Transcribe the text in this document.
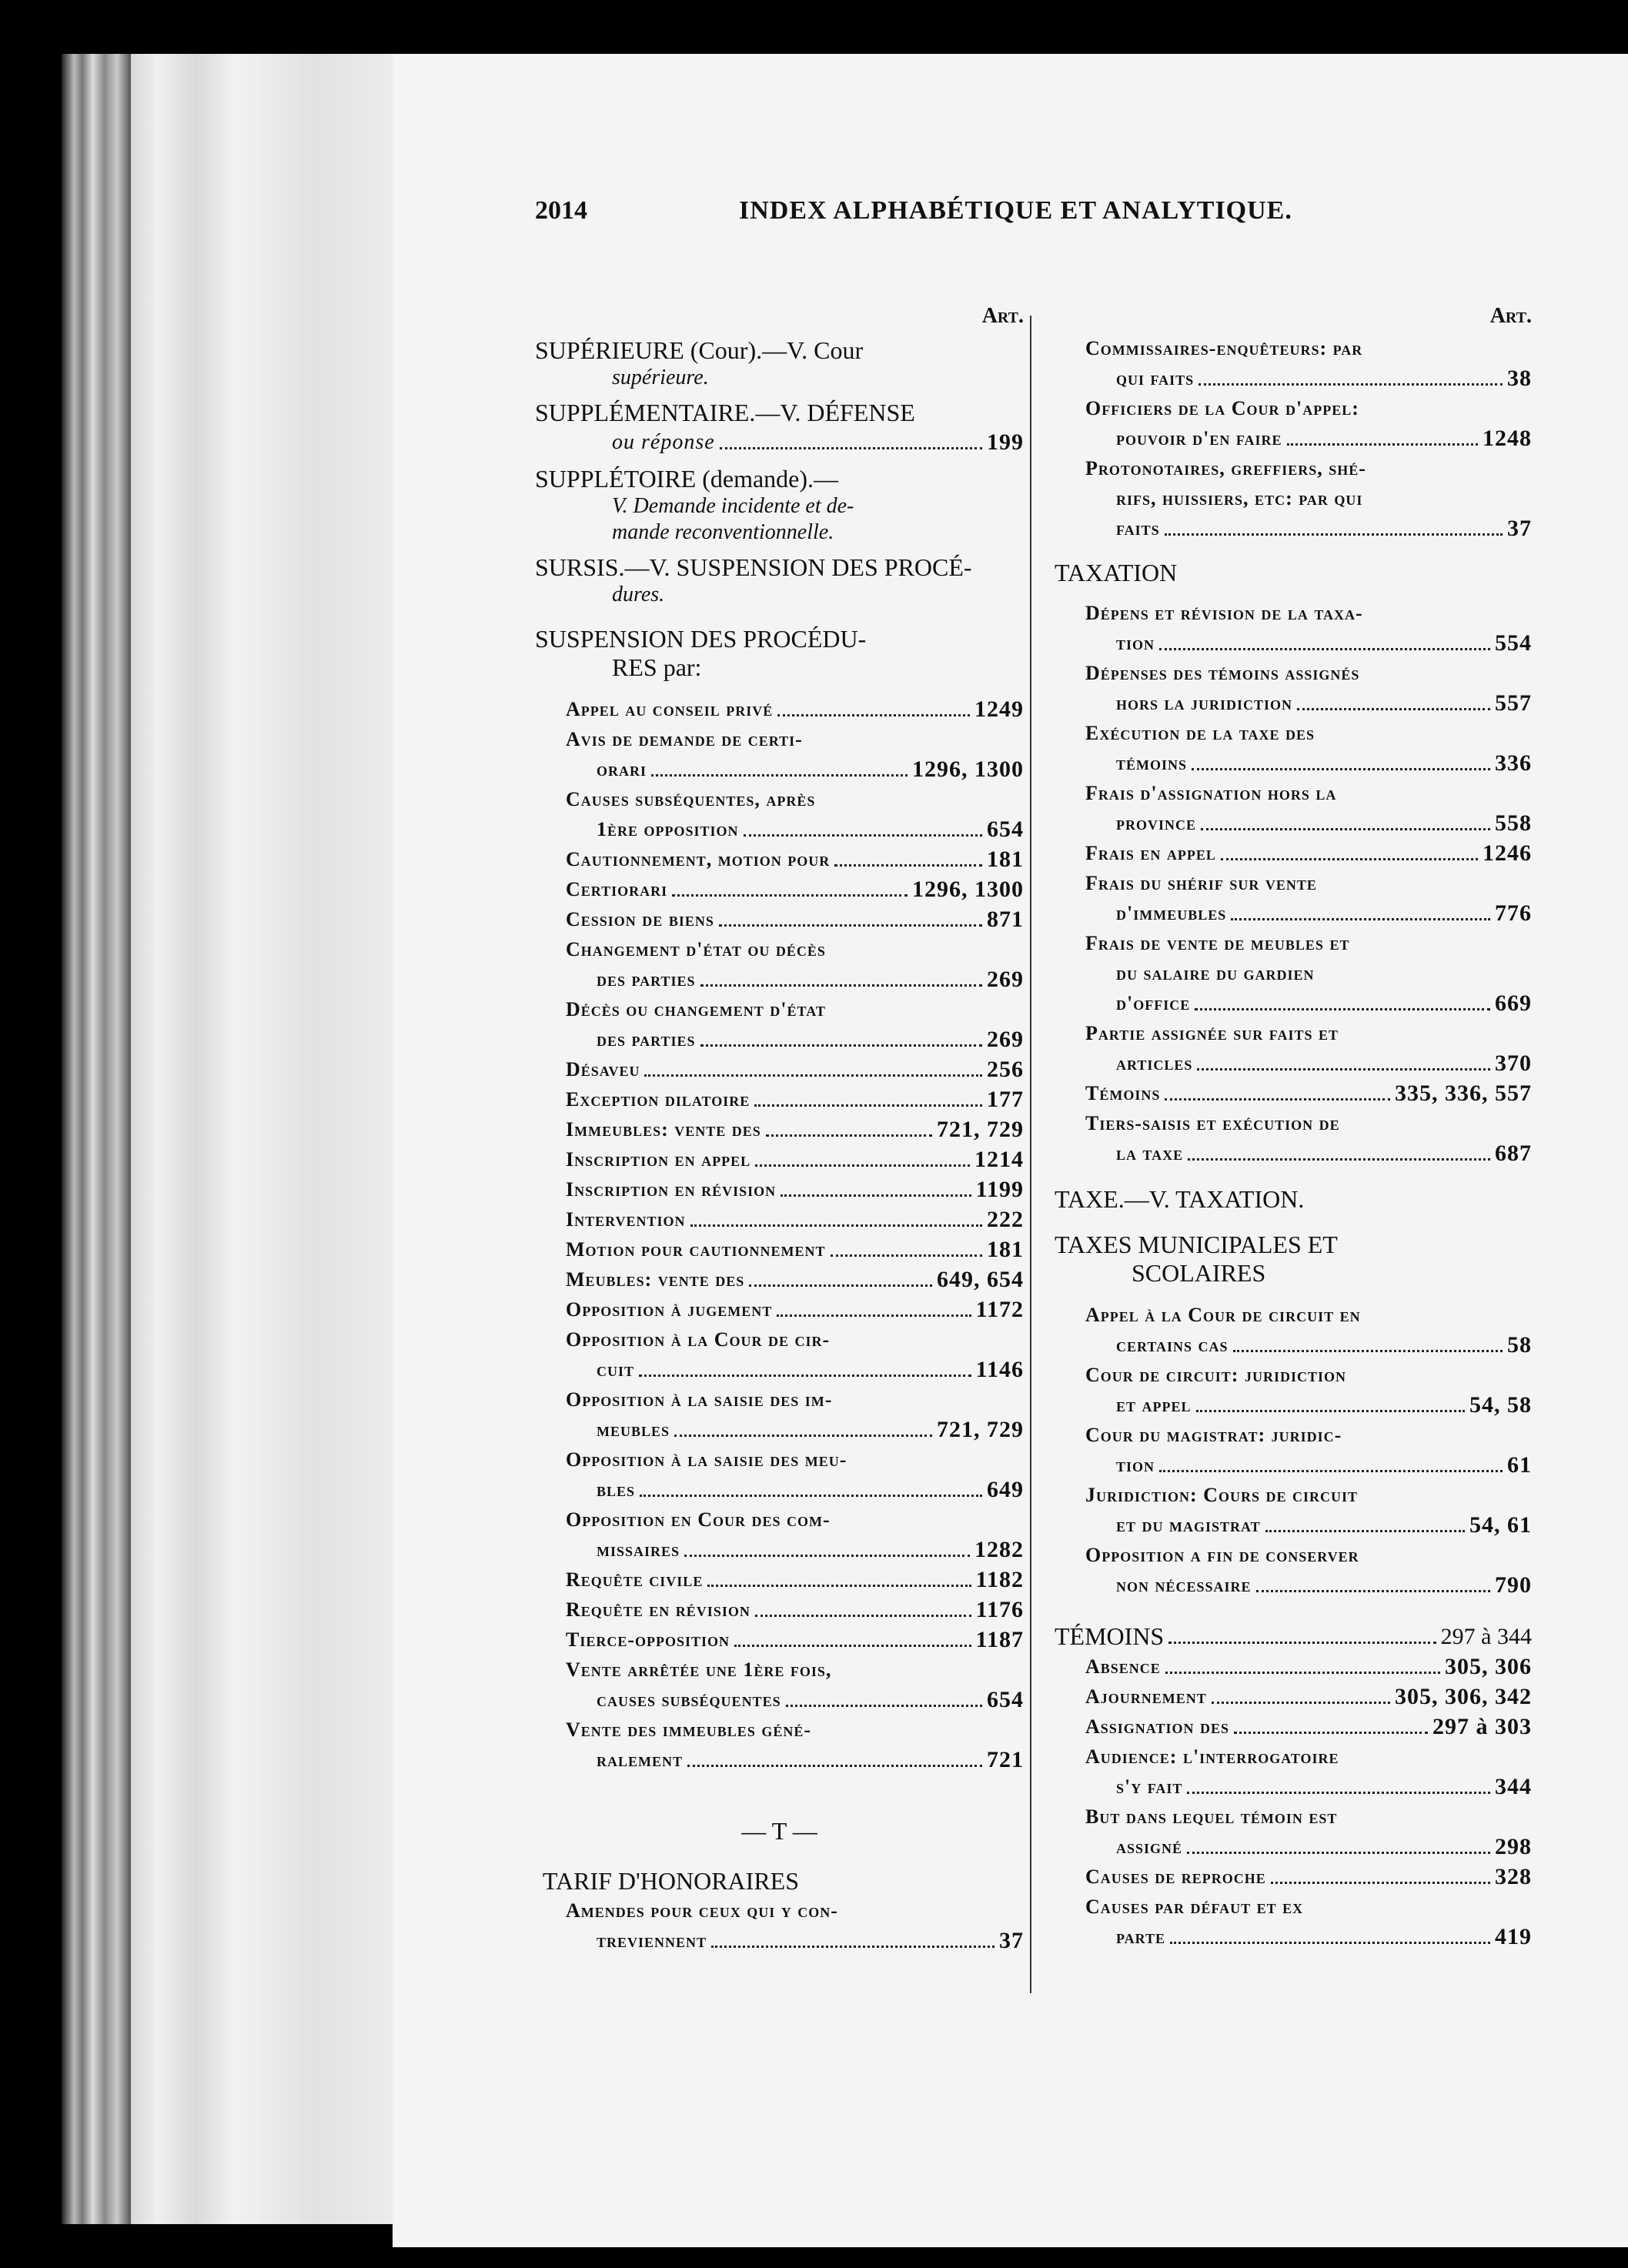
2014	INDEX ALPHABÉTIQUE ET ANALYTIQUE.
Art.
SUPÉRIEURE (Cour).—V. Cour
supérieure.
SUPPLÉMENTAIRE.—V. DÉFENSE
ou réponse	199
SUPPLÉTOIRE (demande).—
V. Demande incidente et de-
mande reconventionnelle.
SURSIS.—V. SUSPENSION DES PROCÉ-
dures.
SUSPENSION DES PROCÉDU-
RES par:
Appel au conseil privé	1249
Avis de demande de certi-
orari	1296, 1300
Causes subséquentes, après
1ère opposition	654
Cautionnement, motion pour	181
Certiorari	1296, 1300
Cession de biens	871
Changement d'état ou décès
des parties	269
Décès ou changement d'état
des parties	269
Désaveu	256
Exception dilatoire	177
Immeubles: vente des	721, 729
Inscription en appel	1214
Inscription en révision	1199
Intervention	222
Motion pour cautionnement	181
Meubles: vente des	649, 654
Opposition à jugement	1172
Opposition à la Cour de cir-
cuit	1146
Opposition à la saisie des im-
meubles	721, 729
Opposition à la saisie des meu-
bles	649
Opposition en Cour des com-
missaires	1282
Requête civile	1182
Requête en révision	1176
Tierce-opposition	1187
Vente arrêtée une 1ère fois,
causes subséquentes	654
Vente des immeubles géné-
ralement	721
— T —
TARIF D'HONORAIRES
Amendes pour ceux qui y con-
treviennent	37
Art.
Commissaires-enquêteurs: par
qui faits	38
Officiers de la Cour d'appel:
pouvoir d'en faire	1248
Protonotaires, greffiers, shé-
rifs, huissiers, etc: par qui
faits	37
TAXATION
Dépens et révision de la taxa-
tion	554
Dépenses des témoins assignés
hors la juridiction	557
Exécution de la taxe des
témoins	336
Frais d'assignation hors la
province	558
Frais en appel	1246
Frais du shérif sur vente
d'immeubles	776
Frais de vente de meubles et
du salaire du gardien
d'office	669
Partie assignée sur faits et
articles	370
Témoins	335, 336, 557
Tiers-saisis et exécution de
la taxe	687
TAXE.—V. TAXATION.
TAXES MUNICIPALES ET
SCOLAIRES
Appel à la Cour de circuit en
certains cas	58
Cour de circuit: juridiction
et appel	54, 58
Cour du magistrat: juridic-
tion	61
Juridiction: Cours de circuit
et du magistrat	54, 61
Opposition a fin de conserver
non nécessaire	790
TÉMOINS	297 à 344
Absence	305, 306
Ajournement	305, 306, 342
Assignation des	297 à 303
Audience: l'interrogatoire
s'y fait	344
But dans lequel témoin est
assigné	298
Causes de reproche	328
Causes par défaut et ex
parte	419
